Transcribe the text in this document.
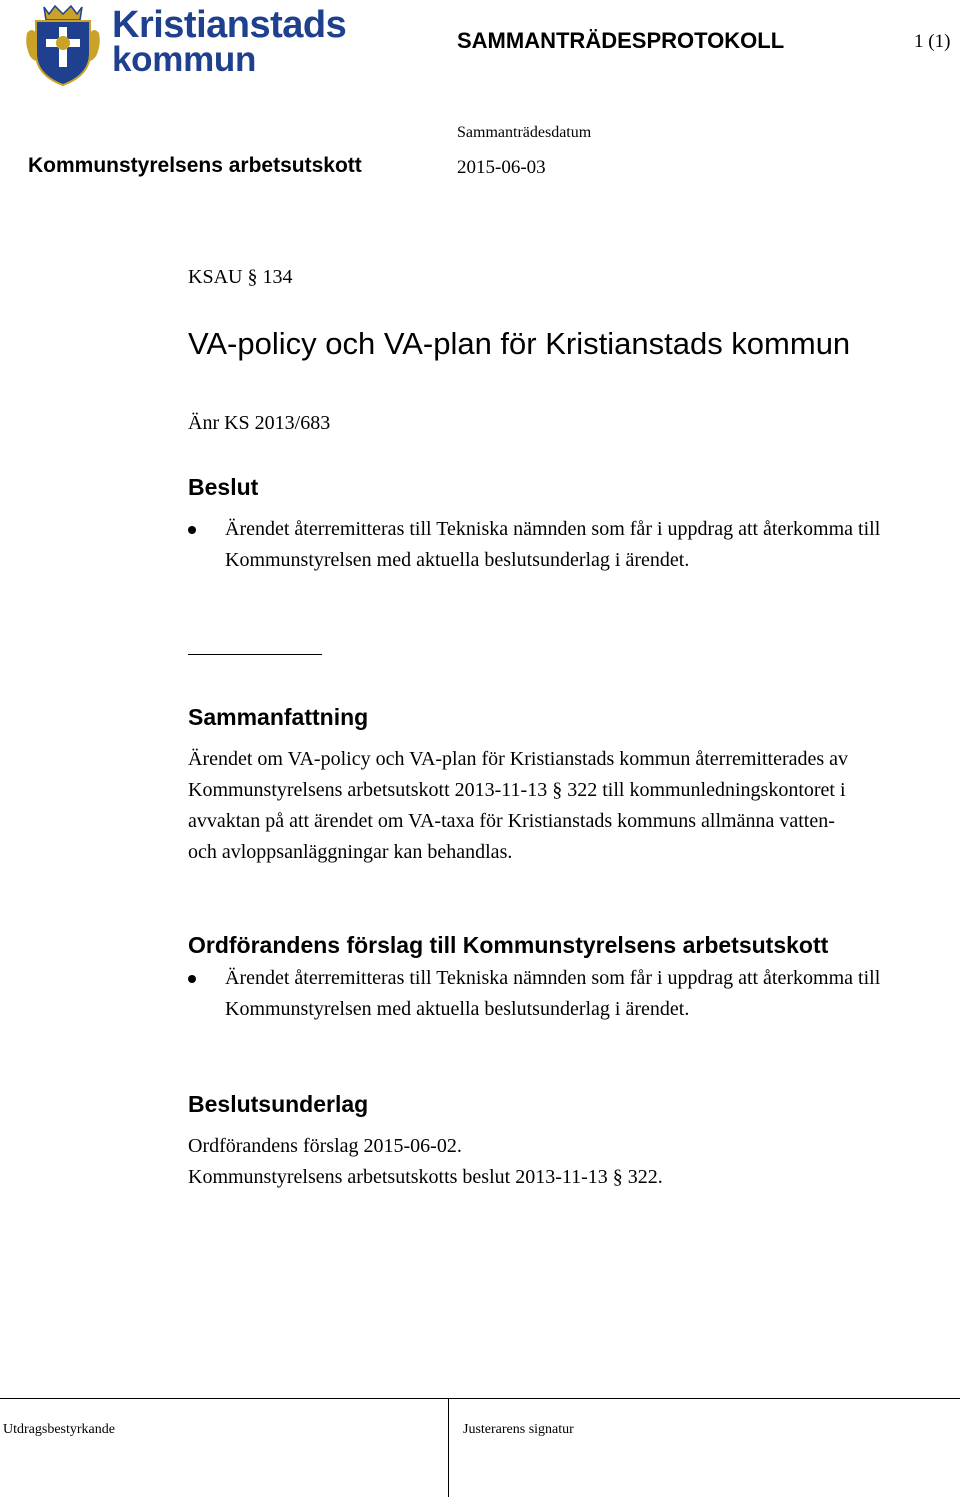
Kristianstads
kommun	SAMMANTRÄDESPROTOKOLL	1 (1)
Sammanträdesdatum
Kommunstyrelsens arbetsutskott	2015-06-03
KSAU § 134
VA-policy och VA-plan för Kristianstads kommun
Änr KS 2013/683
Beslut
Ärendet återremitteras till Tekniska nämnden som får i uppdrag att återkomma till Kommunstyrelsen med aktuella beslutsunderlag i ärendet.
Sammanfattning
Ärendet om VA-policy och VA-plan för Kristianstads kommun återremitterades av Kommunstyrelsens arbetsutskott 2013-11-13 § 322 till kommunledningskontoret i avvaktan på att ärendet om VA-taxa för Kristianstads kommuns allmänna vatten- och avloppsanläggningar kan behandlas.
Ordförandens förslag till Kommunstyrelsens arbetsutskott
Ärendet återremitteras till Tekniska nämnden som får i uppdrag att återkomma till Kommunstyrelsen med aktuella beslutsunderlag i ärendet.
Beslutsunderlag
Ordförandens förslag 2015-06-02.
Kommunstyrelsens arbetsutskotts beslut 2013-11-13 § 322.
Utdragsbestyrkande	Justerarens signatur
